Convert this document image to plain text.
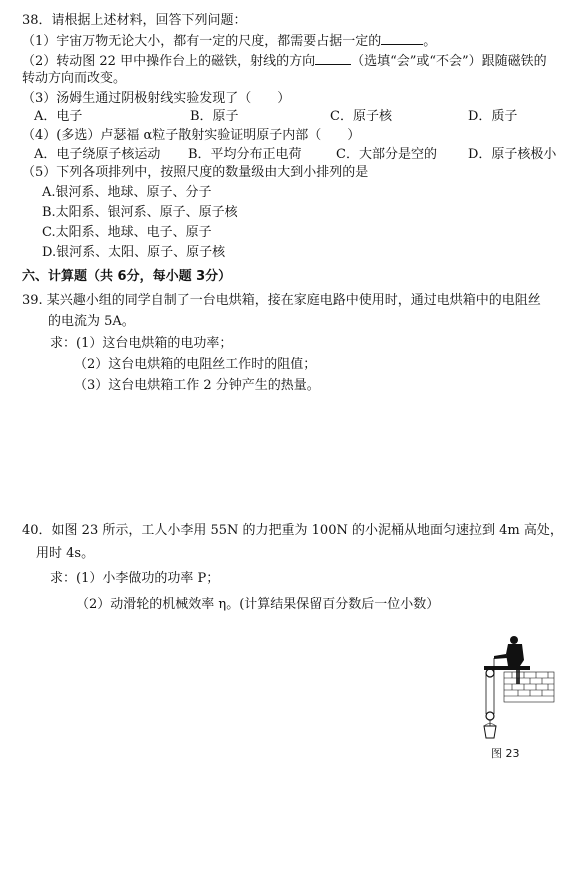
38．请根据上述材料，回答下列问题：
（1）宇宙万物无论大小，都有一定的尺度，都需要占据一定的	。
（2）转动图 22 甲中操作台上的磁铁，射线的方向	（选填“会”或“不会”）跟随磁铁的
转动方向而改变。
（3）汤姆生通过阴极射线实验发现了（　　）
A．电子	B．原子	C．原子核	D．质子
（4）(多选）卢瑟福 α粒子散射实验证明原子内部（　　）
A．电子绕原子核运动 B．平均分布正电荷	C．大部分是空的 D．原子核极小
（5）下列各项排列中，按照尺度的数量级由大到小排列的是
A.银河系、地球、原子、分子
B.太阳系、银河系、原子、原子核
C.太阳系、地球、电子、原子
D.银河系、太阳、原子、原子核
六、计算题（共 6分，每小题 3分）
39. 某兴趣小组的同学自制了一台电烘箱，接在家庭电路中使用时，通过电烘箱中的电阻丝
的电流为 5A。
求：(1）这台电烘箱的电功率；
（2）这台电烘箱的电阻丝工作时的阻值；
（3）这台电烘箱工作 2 分钟产生的热量。
40．如图 23 所示，工人小李用 55N 的力把重为 100N 的小泥桶从地面匀速拉到 4m 高处，
用时 4s。
求：(1）小李做功的功率 P；
（2）动滑轮的机械效率 η。(计算结果保留百分数后一位小数）
图 23
